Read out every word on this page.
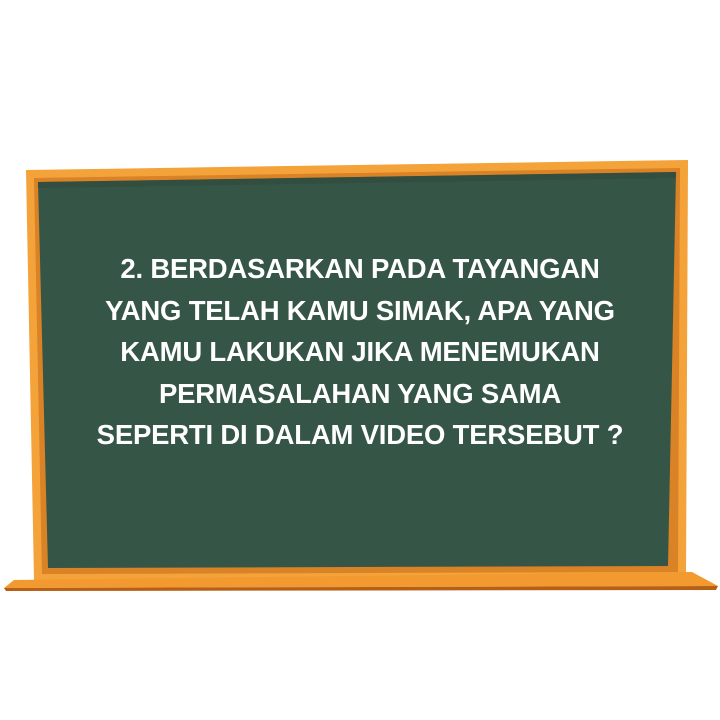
2. BERDASARKAN PADA TAYANGAN
YANG TELAH KAMU SIMAK, APA YANG
KAMU LAKUKAN JIKA MENEMUKAN
PERMASALAHAN YANG SAMA
SEPERTI DI DALAM VIDEO TERSEBUT ?
